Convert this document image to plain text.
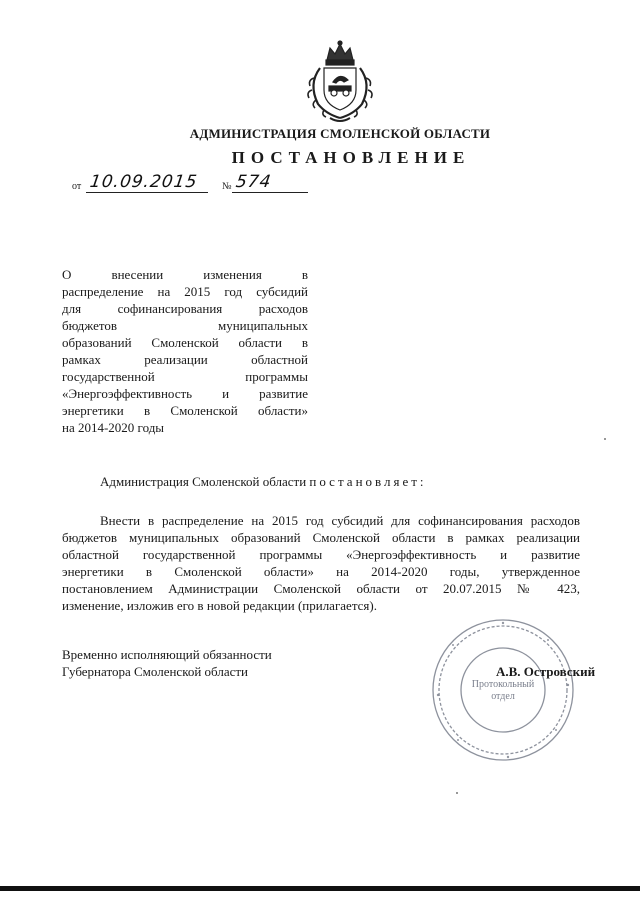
АДМИНИСТРАЦИЯ СМОЛЕНСКОЙ ОБЛАСТИ
ПОСТАНОВЛЕНИЕ
от 10.09.2015 № 574
О внесении изменения в
распределение на 2015 год субсидий
для софинансирования расходов
бюджетов муниципальных
образований Смоленской области в
рамках реализации областной
государственной программы
«Энергоэффективность и развитие
энергетики в Смоленской области»
на 2014-2020 годы
Администрация Смоленской области постановляет:
Внести в распределение на 2015 год субсидий для софинансирования расходов
бюджетов муниципальных образований Смоленской области в рамках реализации
областной государственной программы «Энергоэффективность и развитие
энергетики в Смоленской области» на 2014-2020 годы, утвержденное
постановлением Администрации Смоленской области от 20.07.2015 № 423,
изменение, изложив его в новой редакции (прилагается).
Временно исполняющий обязанности
Губернатора Смоленской области
Протокольный
отдел
А.В. Островский
